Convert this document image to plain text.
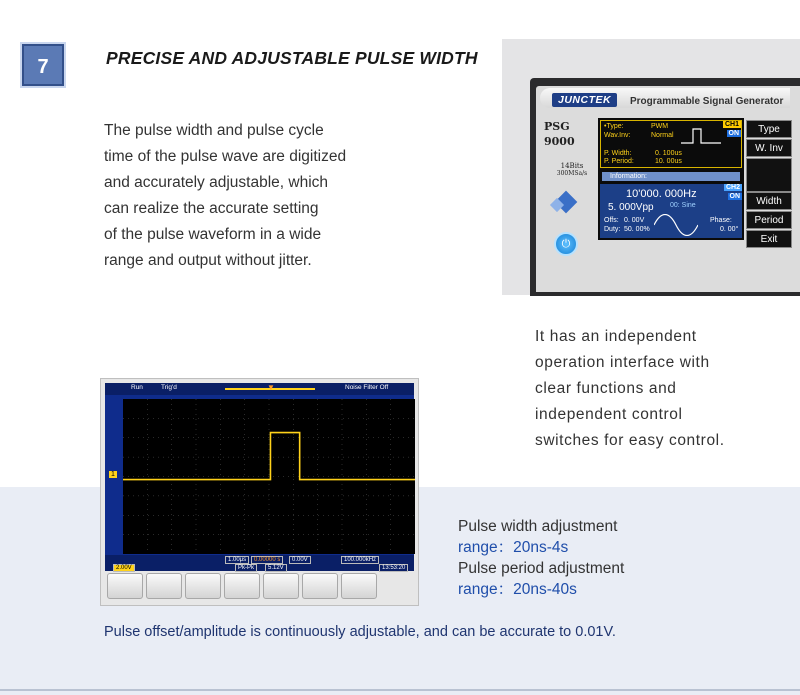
7	PRECISE AND ADJUSTABLE PULSE WIDTH
The pulse width and pulse cycle
time of the pulse wave are digitized
and accurately adjustable, which
can realize the accurate setting
of the pulse waveform in a wide
range and output without jitter.
JUNCTEK	Programmable Signal Generator
PSG
9000
14Bits
300MSa/s
⏻
•Type:	PWM
Wav.Inv:	Normal
P. Width:	0. 100us
P. Period:	10. 00us
CH1
ON
Information:
CH2
ON
10'000. 000Hz
5. 000Vpp 00: Sine
Offs: 0. 00V
Duty: 50. 00%
Phase:
0. 00°
Type
W. Inv
Width
Period
Exit
It has an independent
operation interface with
clear functions and
independent control
switches for easy control.
Run	Trig'd	▼	Noise Filter Off
1
1.00μs	0.00000 s	0.00V	100.000kHz
2.00V	Pk-Pk	5.12V	13:53:20
Pulse width adjustment
range：20ns-4s
Pulse period adjustment
range：20ns-40s
Pulse offset/amplitude is continuously adjustable, and can be accurate to 0.01V.
